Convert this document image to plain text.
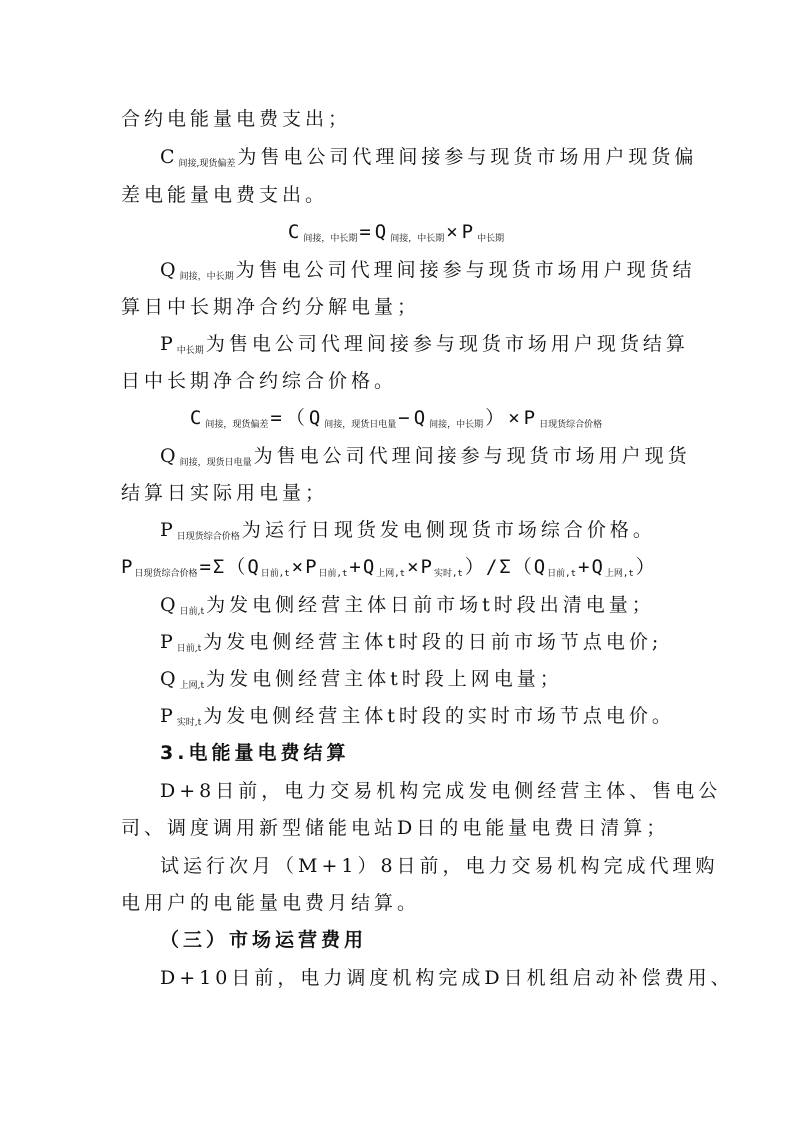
合约电能量电费支出；
$C_{间接,现货偏差}$ 为售电公司代理间接参与现货市场用户现货偏
差电能量电费支出。
$C_{间接,中长期} =Q_{间接,中长期} \times P_{中长期}$
$Q_{间接,中长期}$ 为售电公司代理间接参与现货市场用户现货结
算日中长期净合约分解电量；
$P_{中长期}$ 为售电公司代理间接参与现货市场用户现货结算
日中长期净合约综合价格。
$C_{间接,现货偏差} =(Q_{间接,现货日电量} -Q_{间接,中长期}$ ）$\times P_{日现货综合价格}$
$Q_{间接,现货日电量}$ 为售电公司代理间接参与现货市场用户现货
结算日实际用电量；
$P_{日现货综合价格}$ 为运行日现货发电侧现货市场综合价格。
$P_{日现货综合价格} =\Sigma(Q_{日前,t} \times P_{日前,t} +Q_{上网,t} \times P_{实时,t}$ ）$/\Sigma(Q_{日前,t} +Q_{上网,t}$ ）
$Q_{日前,t}$ 为发电侧经营主体日前市场t时段出清电量；
$P_{日前,t}$ 为发电侧经营主体t时段的日前市场节点电价;
$Q_{上网,t}$ 为发电侧经营主体t时段上网电量；
$P_{实时,t}$ 为发电侧经营主体t时段的实时市场节点电价。
3.电能量电费结算
D+8日前，电力交易机构完成发电侧经营主体、售电公
司、调度调用新型储能电站D日的电能量电费日清算；
试运行次月（M+1）8日前，电力交易机构完成代理购
电用户的电能量电费月结算。
（三）市场运营费用
D+10日前，电力调度机构完成D日机组启动补偿费用、
